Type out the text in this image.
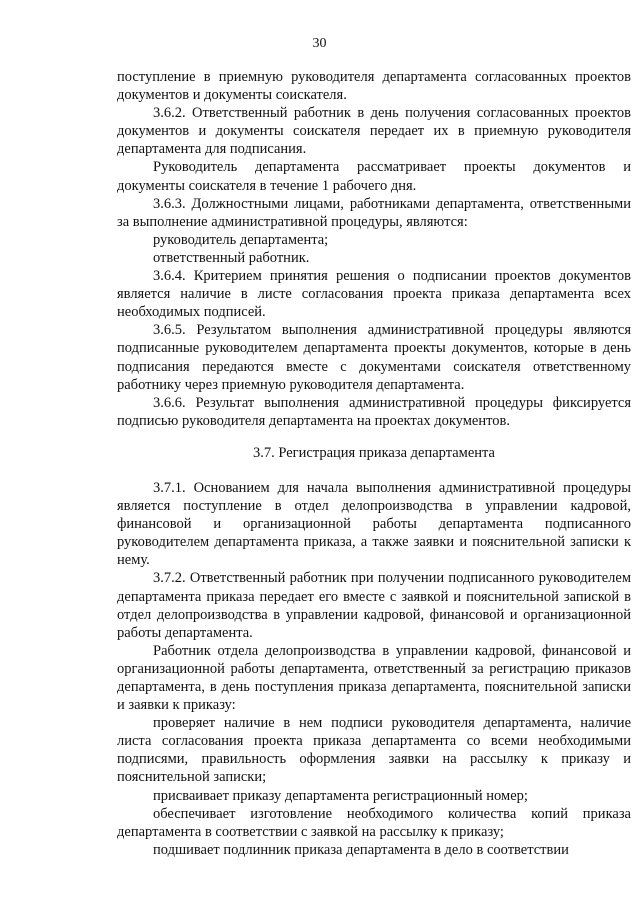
30

поступление в приемную руководителя департамента согласованных проектов документов и документы соискателя.

3.6.2. Ответственный работник в день получения согласованных проектов документов и документы соискателя передает их в приемную руководителя департамента для подписания.

Руководитель департамента рассматривает проекты документов и документы соискателя в течение 1 рабочего дня.

3.6.3. Должностными лицами, работниками департамента, ответственными за выполнение административной процедуры, являются:

руководитель департамента;

ответственный работник.

3.6.4. Критерием принятия решения о подписании проектов документов является наличие в листе согласования проекта приказа департамента всех необходимых подписей.

3.6.5. Результатом выполнения административной процедуры являются подписанные руководителем департамента проекты документов, которые в день подписания передаются вместе с документами соискателя ответственному работнику через приемную руководителя департамента.

3.6.6. Результат выполнения административной процедуры фиксируется подписью руководителя департамента на проектах документов.

3.7. Регистрация приказа департамента

3.7.1. Основанием для начала выполнения административной процедуры является поступление в отдел делопроизводства в управлении кадровой, финансовой и организационной работы департамента подписанного руководителем департамента приказа, а также заявки и пояснительной записки к нему.

3.7.2. Ответственный работник при получении подписанного руководителем департамента приказа передает его вместе с заявкой и пояснительной запиской в отдел делопроизводства в управлении кадровой, финансовой и организационной работы департамента.

Работник отдела делопроизводства в управлении кадровой, финансовой и организационной работы департамента, ответственный за регистрацию приказов департамента, в день поступления приказа департамента, пояснительной записки и заявки к приказу:

проверяет наличие в нем подписи руководителя департамента, наличие листа согласования проекта приказа департамента со всеми необходимыми подписями, правильность оформления заявки на рассылку к приказу и пояснительной записки;

присваивает приказу департамента регистрационный номер;

обеспечивает изготовление необходимого количества копий приказа департамента в соответствии с заявкой на рассылку к приказу;

подшивает подлинник приказа департамента в дело в соответствии
